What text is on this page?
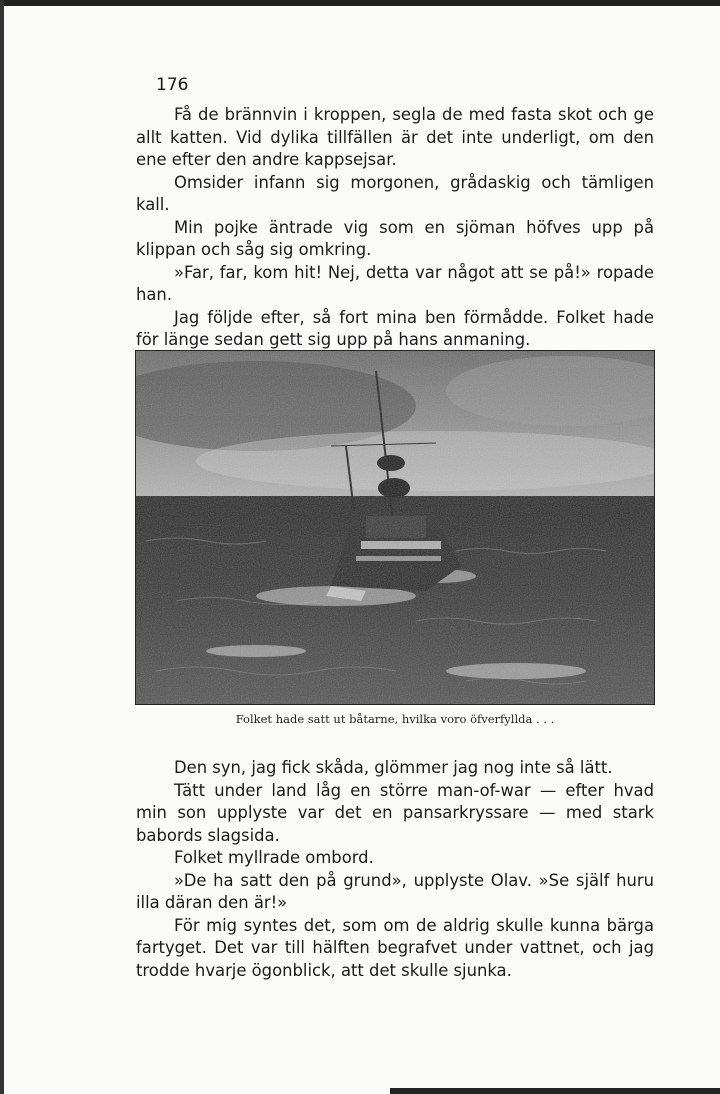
176

Få de brännvin i kroppen, segla de med fasta skot och ge allt katten. Vid dylika tillfällen är det inte underligt, om den ene efter den andre kappsejsar.

Omsider infann sig morgonen, grådaskig och tämligen kall.

Min pojke äntrade vig som en sjöman höfves upp på klippan och såg sig omkring.

»Far, far, kom hit! Nej, detta var något att se på!» ropade han.

Jag följde efter, så fort mina ben förmådde. Folket hade för länge sedan gett sig upp på hans anmaning.

Folket hade satt ut båtarne, hvilka voro öfverfyllda . . .

Den syn, jag fick skåda, glömmer jag nog inte så lätt.

Tätt under land låg en större man-of-war — efter hvad min son upplyste var det en pansarkryssare — med stark babords slagsida.

Folket myllrade ombord.

»De ha satt den på grund», upplyste Olav. »Se själf huru illa däran den är!»

För mig syntes det, som om de aldrig skulle kunna bärga fartyget. Det var till hälften begrafvet under vattnet, och jag trodde hvarje ögonblick, att det skulle sjunka.
